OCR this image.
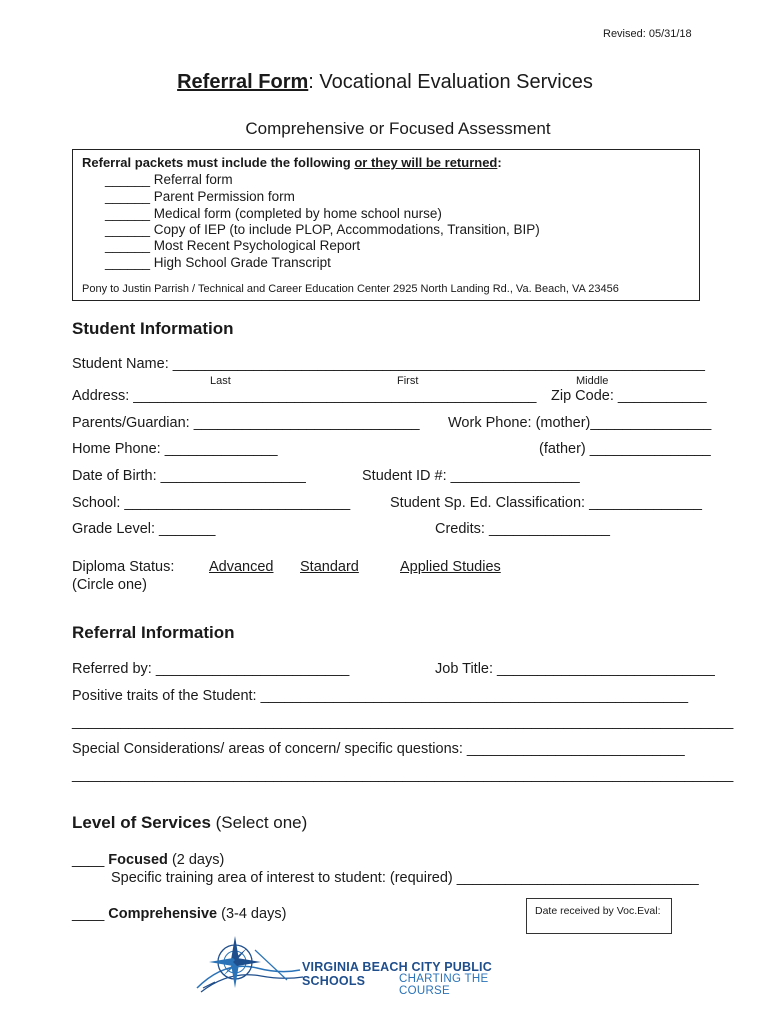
Revised: 05/31/18
Referral Form: Vocational Evaluation Services
Comprehensive or Focused Assessment
Referral packets must include the following or they will be returned:
______ Referral form
______ Parent Permission form
______ Medical form (completed by home school nurse)
______ Copy of IEP (to include PLOP, Accommodations, Transition, BIP)
______ Most Recent Psychological Report
______ High School Grade Transcript
Pony to Justin Parrish / Technical and Career Education Center 2925 North Landing Rd., Va. Beach, VA 23456
Student Information
Student Name: __________________________________________________________________
Last	First	Middle
Address: __________________________________________________ Zip Code: ___________
Parents/Guardian: ____________________________ Work Phone: (mother)_______________
Home Phone: ______________	(father) _______________
Date of Birth: __________________	Student ID #: ________________
School: ____________________________	Student Sp. Ed. Classification: ______________
Grade Level: _______	Credits: _______________
Diploma Status:
(Circle one)
Advanced Standard	Applied Studies
Referral Information
Referred by: ________________________	Job Title: ___________________________
Positive traits of the Student: _____________________________________________________
__________________________________________________________________________________
Special Considerations/ areas of concern/ specific questions: ___________________________
__________________________________________________________________________________
Level of Services (Select one)
____ Focused (2 days)
Specific training area of interest to student: (required) ______________________________
____ Comprehensive (3-4 days)	Date received by Voc.Eval:
VIRGINIA BEACH CITY PUBLIC SCHOOLS	CHARTING THE COURSE
